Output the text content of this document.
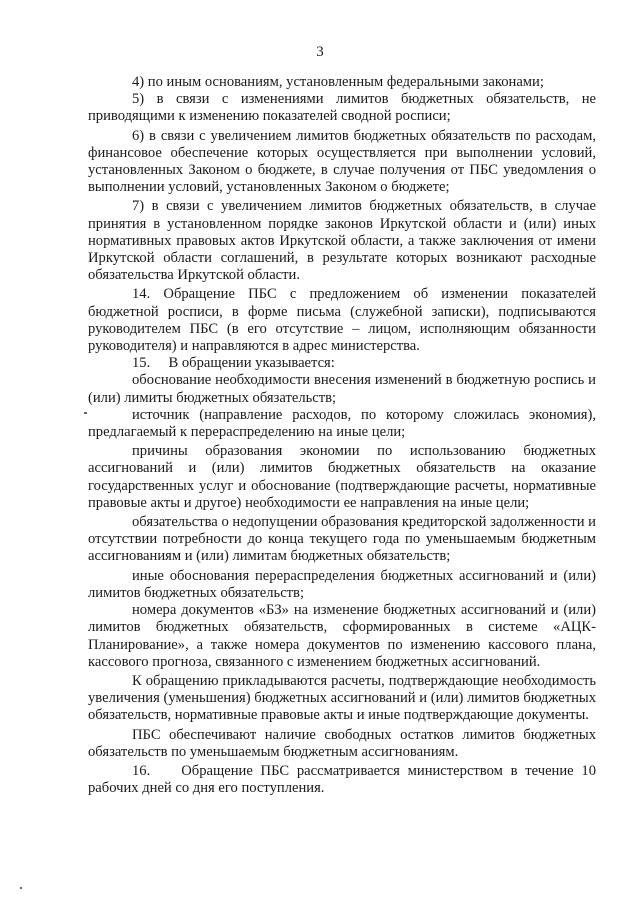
3

4) по иным основаниям, установленным федеральными законами;

5) в связи с изменениями лимитов бюджетных обязательств, не приводящими к изменению показателей сводной росписи;

6) в связи с увеличением лимитов бюджетных обязательств по расходам, финансовое обеспечение которых осуществляется при выполнении условий, установленных Законом о бюджете, в случае получения от ПБС уведомления о выполнении условий, установленных Законом о бюджете;

7) в связи с увеличением лимитов бюджетных обязательств, в случае принятия в установленном порядке законов Иркутской области и (или) иных нормативных правовых актов Иркутской области, а также заключения от имени Иркутской области соглашений, в результате которых возникают расходные обязательства Иркутской области.

14. Обращение ПБС с предложением об изменении показателей бюджетной росписи, в форме письма (служебной записки), подписываются руководителем ПБС (в его отсутствие – лицом, исполняющим обязанности руководителя) и направляются в адрес министерства.

15.     В обращении указывается:

обоснование необходимости внесения изменений в бюджетную роспись и (или) лимиты бюджетных обязательств;

источник (направление расходов, по которому сложилась экономия), предлагаемый к перераспределению на иные цели;

причины образования экономии по использованию бюджетных ассигнований и (или) лимитов бюджетных обязательств на оказание государственных услуг и обоснование (подтверждающие расчеты, нормативные правовые акты и другое) необходимости ее направления на иные цели;

обязательства о недопущении образования кредиторской задолженности и отсутствии потребности до конца текущего года по уменьшаемым бюджетным ассигнованиям и (или) лимитам бюджетных обязательств;

иные обоснования перераспределения бюджетных ассигнований и (или) лимитов бюджетных обязательств;

номера документов «БЗ» на изменение бюджетных ассигнований и (или) лимитов бюджетных обязательств, сформированных в системе «АЦК-Планирование», а также номера документов по изменению кассового плана, кассового прогноза, связанного с изменением бюджетных ассигнований.

К обращению прикладываются расчеты, подтверждающие необходимость увеличения (уменьшения) бюджетных ассигнований и (или) лимитов бюджетных обязательств, нормативные правовые акты и иные подтверждающие документы.

ПБС обеспечивают наличие свободных остатков лимитов бюджетных обязательств по уменьшаемым бюджетным ассигнованиям.

16.    Обращение ПБС рассматривается министерством в течение 10 рабочих дней со дня его поступления.
